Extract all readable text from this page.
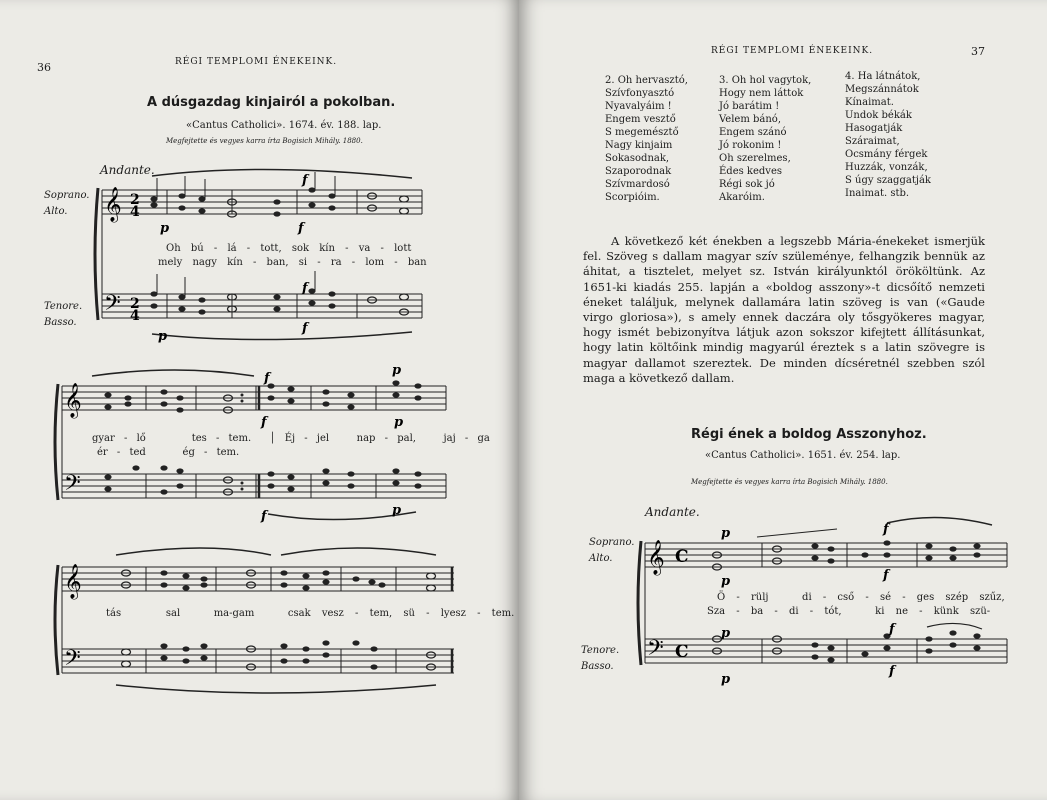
36	RÉGI TEMPLOMI ÉNEKEINK.
A dúsgazdag kinjairól a pokolban.
«Cantus Catholici». 1674. év. 188. lap.
Megfejtette és vegyes karra írta Bogisich Mihály. 1880.
Andante.
Soprano.
Alto.
Tenore.
Basso.
𝄞
𝄢
2
4
2
4
p
f
f
p
f
f
Oh bú - lá - tott, sok kín - va - lott
mely nagy kín - ban, si - ra - lom - ban
𝄞
𝄢
f
f
p
p
f	p
gyar - lő	tes - tem.  │ Éj - jel	nap - pal,	jaj - ga
ér - ted	ég - tem.
𝄞
𝄢
tás	sal	ma-gam	csak vesz - tem, sü - lyesz - tem.
RÉGI TEMPLOMI ÉNEKEINK.	37
2. Oh hervasztó,
Szívfonyasztó
Nyavalyáim !
Engem vesztő
S megemésztő
Nagy kinjaim
Sokasodnak,
Szaporodnak
Szívmardosó
Scorpióim.
3. Oh hol vagytok,
Hogy nem láttok
Jó barátim !
Velem bánó,
Engem szánó
Jó rokonim !
Oh szerelmes,
Édes kedves
Régi sok jó
Akaróim.
4. Ha látnátok,
Megszánnátok
Kínaimat.
Undok békák
Hasogatják
Száraimat,
Ocsmány férgek
Huzzák, vonzák,
S úgy szaggatják
Inaimat. stb.
A következő két énekben a legszebb Mária-énekeket ismerjük fel. Szöveg s dallam magyar szív szüleménye, felhangzik bennük az áhitat, a tisztelet, melyet sz. István királyunktól örököltünk. Az 1651-ki kiadás 255. lapján a «boldog asszony»-t dicsőítő nemzeti éneket találjuk, melynek dallamára latin szöveg is van («Gaude virgo gloriosa»), s amely ennek daczára oly tősgyökeres magyar, hogy ismét bebizonyítva látjuk azon sokszor kifejtett állításunkat, hogy latin költőink mindig magyarúl éreztek s a latin szövegre is magyar dallamot szereztek. De minden dícséretnél szebben szól maga a következő dallam.
Régi ének a boldog Asszonyhoz.
«Cantus Catholici». 1651. év. 254. lap.
Megfejtette és vegyes karra írta Bogisich Mihály. 1880.
Andante.
Soprano.
Alto.
Tenore.
Basso.
𝄞
𝄢
C
C
p
p
f
f
p
p
f
f
Ö - rülj	di - cső - sé - ges szép szűz,
Sza - ba - di - tót,	ki ne - künk szü-
